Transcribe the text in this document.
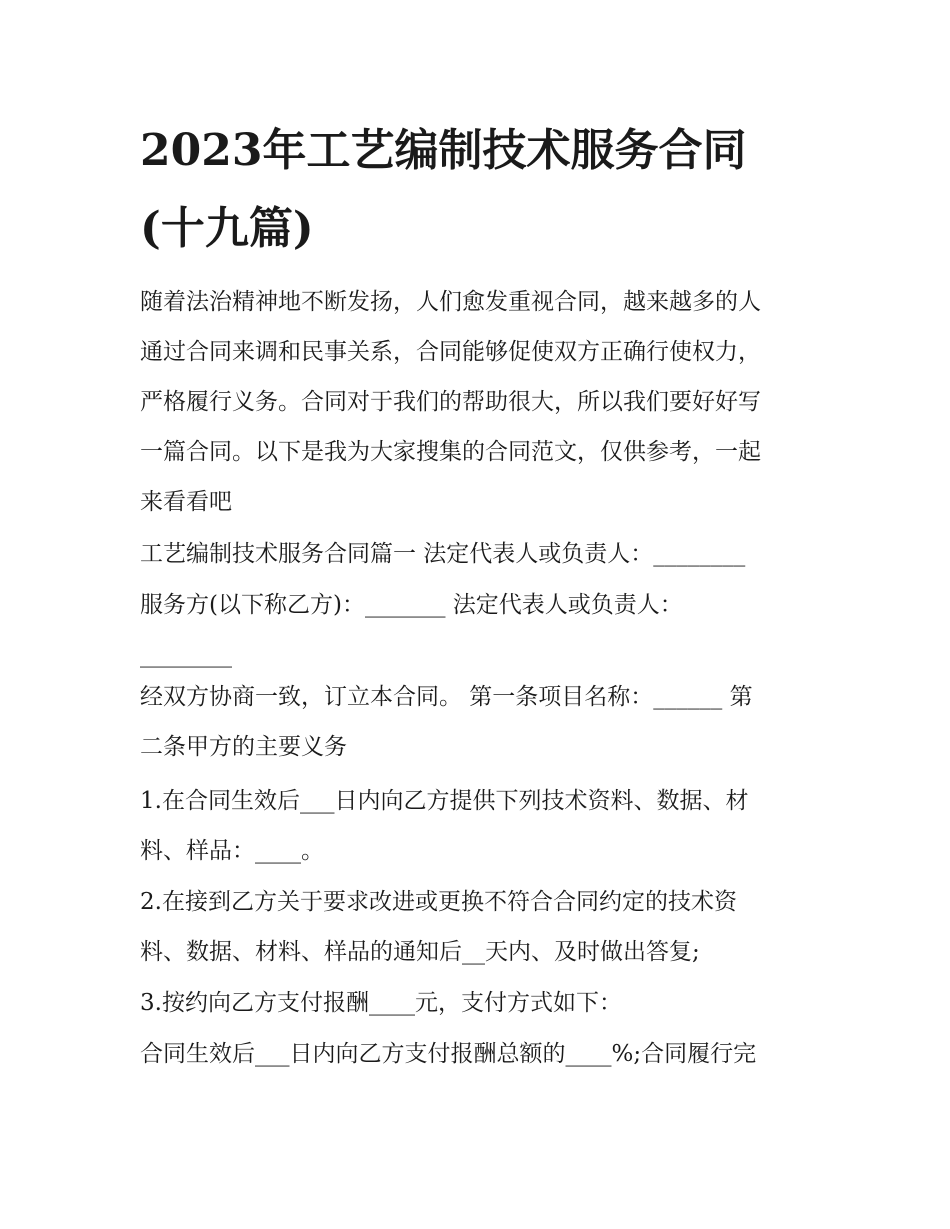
2023年工艺编制技术服务合同
(十九篇)

随着法治精神地不断发扬，人们愈发重视合同，越来越多的人

通过合同来调和民事关系，合同能够促使双方正确行使权力，

严格履行义务。合同对于我们的帮助很大，所以我们要好好写

一篇合同。以下是我为大家搜集的合同范文，仅供参考，一起

来看看吧

工艺编制技术服务合同篇一 法定代表人或负责人：________

服务方(以下称乙方)：_______ 法定代表人或负责人：

________

经双方协商一致，订立本合同。 第一条项目名称：______ 第

二条甲方的主要义务

1.在合同生效后___日内向乙方提供下列技术资料、数据、材

料、样品：____。

2.在接到乙方关于要求改进或更换不符合合同约定的技术资

料、数据、材料、样品的通知后__天内、及时做出答复;

3.按约向乙方支付报酬____元，支付方式如下：

合同生效后___日内向乙方支付报酬总额的____%;合同履行完
